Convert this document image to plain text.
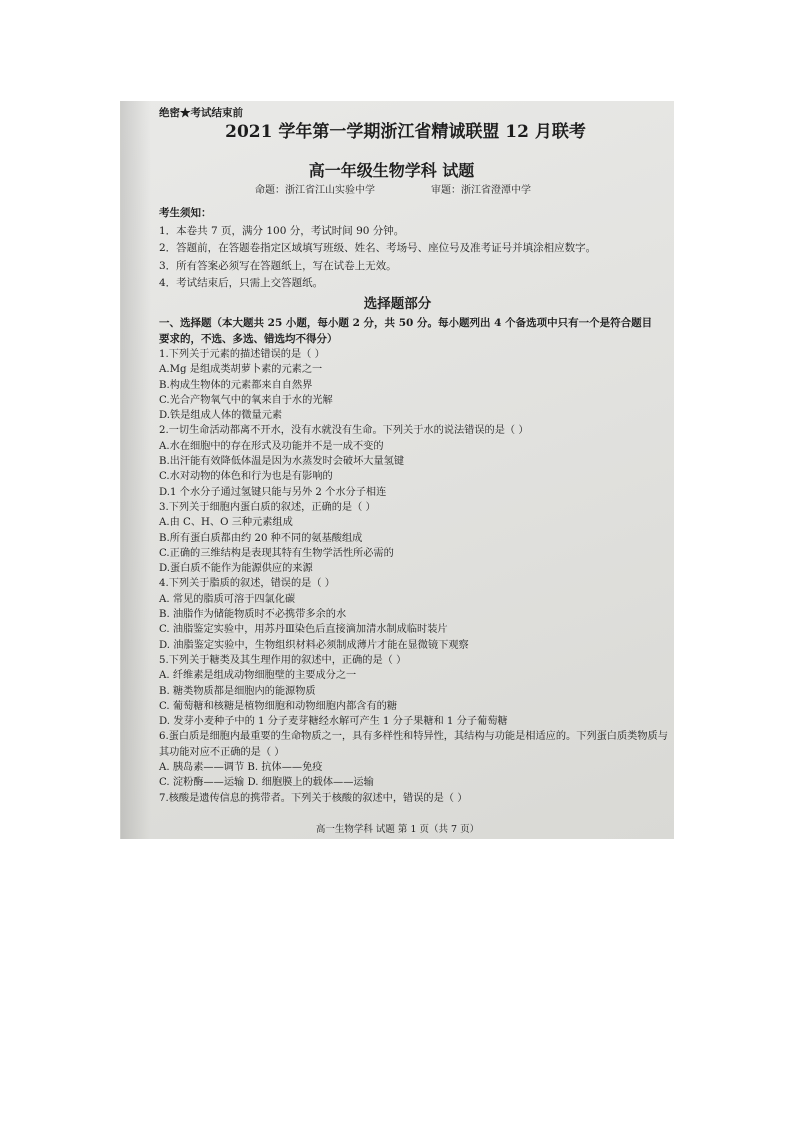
绝密★考试结束前
2021 学年第一学期浙江省精诚联盟 12 月联考
高一年级生物学科 试题
命题：浙江省江山实验中学	审题：浙江省澄潭中学
考生须知：
1．本卷共 7 页，满分 100 分，考试时间 90 分钟。
2．答题前，在答题卷指定区域填写班级、姓名、考场号、座位号及准考证号并填涂相应数字。
3．所有答案必须写在答题纸上，写在试卷上无效。
4．考试结束后，只需上交答题纸。
选择题部分
一、选择题（本大题共 25 小题，每小题 2 分，共 50 分。每小题列出 4 个备选项中只有一个是符合题目要求的，不选、多选、错选均不得分）
1.下列关于元素的描述错误的是（ ）
A.Mg 是组成类胡萝卜素的元素之一
B.构成生物体的元素都来自自然界
C.光合产物氧气中的氧来自于水的光解
D.铁是组成人体的微量元素
2.一切生命活动都离不开水，没有水就没有生命。下列关于水的说法错误的是（ ）
A.水在细胞中的存在形式及功能并不是一成不变的
B.出汗能有效降低体温是因为水蒸发时会破坏大量氢键
C.水对动物的体色和行为也是有影响的
D.1 个水分子通过氢键只能与另外 2 个水分子相连
3.下列关于细胞内蛋白质的叙述，正确的是（ ）
A.由 C、H、O 三种元素组成
B.所有蛋白质都由约 20 种不同的氨基酸组成
C.正确的三维结构是表现其特有生物学活性所必需的
D.蛋白质不能作为能源供应的来源
4.下列关于脂质的叙述，错误的是（ ）
A. 常见的脂质可溶于四氯化碳
B. 油脂作为储能物质时不必携带多余的水
C. 油脂鉴定实验中，用苏丹Ⅲ染色后直接滴加清水制成临时装片
D. 油脂鉴定实验中，生物组织材料必须制成薄片才能在显微镜下观察
5.下列关于糖类及其生理作用的叙述中，正确的是（ ）
A. 纤维素是组成动物细胞壁的主要成分之一
B. 糖类物质都是细胞内的能源物质
C. 葡萄糖和核糖是植物细胞和动物细胞内都含有的糖
D. 发芽小麦种子中的 1 分子麦芽糖经水解可产生 1 分子果糖和 1 分子葡萄糖
6.蛋白质是细胞内最重要的生命物质之一，具有多样性和特异性，其结构与功能是相适应的。下列蛋白质类物质与其功能对应不正确的是（ ）
A. 胰岛素——调节 B. 抗体——免疫
C. 淀粉酶——运输 D. 细胞膜上的载体——运输
7.核酸是遗传信息的携带者。下列关于核酸的叙述中，错误的是（ ）
高一生物学科 试题 第 1 页（共 7 页）
